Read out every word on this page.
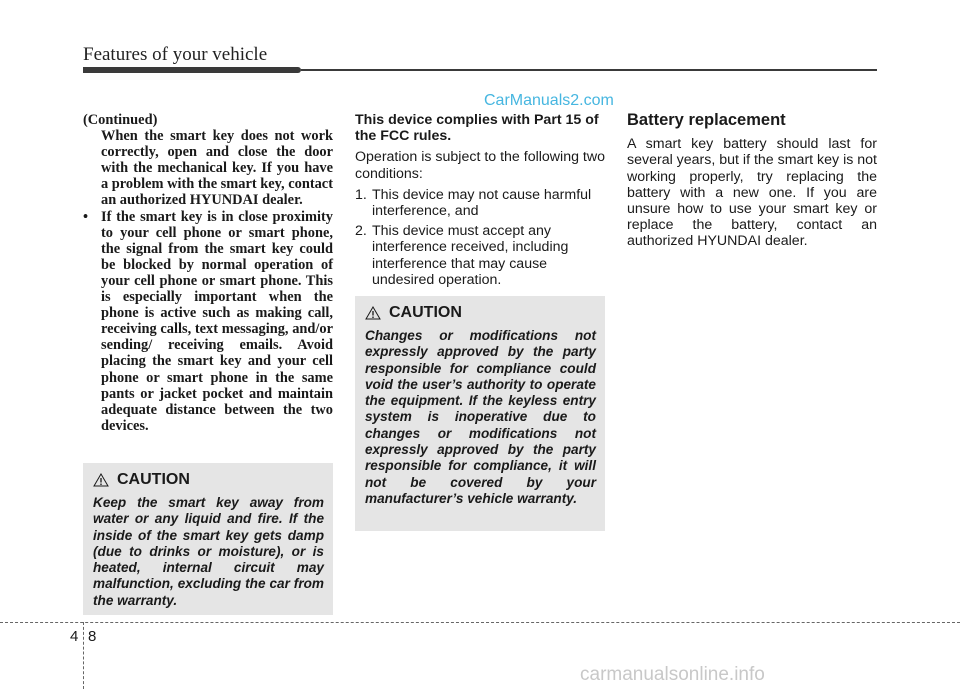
Features of your vehicle
CarManuals2.com

(Continued)

When the smart key does not work correctly, open and close the door with the mechanical key. If you have a problem with the smart key, contact an authorized HYUNDAI dealer.

• If the smart key is in close proximity to your cell phone or smart phone, the signal from the smart key could be blocked by normal operation of your cell phone or smart phone. This is especially important when the phone is active such as making call, receiving calls, text messaging, and/or sending/ receiving emails. Avoid placing the smart key and your cell phone or smart phone in the same pants or jacket pocket and maintain adequate distance between the two devices.

CAUTION

Keep the smart key away from water or any liquid and fire. If the inside of the smart key gets damp (due to drinks or moisture), or is heated, internal circuit may malfunction, excluding the car from the warranty.

This device complies with Part 15 of the FCC rules.

Operation is subject to the following two conditions:

1. This device may not cause harmful interference, and

2. This device must accept any interference received, including interference that may cause undesired operation.

CAUTION

Changes or modifications not expressly approved by the party responsible for compliance could void the user’s authority to operate the equipment. If the keyless entry system is inoperative due to changes or modifications not expressly approved by the party responsible for compliance, it will not be covered by your manufacturer’s vehicle warranty.

Battery replacement

A smart key battery should last for several years, but if the smart key is not working properly, try replacing the battery with a new one. If you are unsure how to use your smart key or replace the battery, contact an authorized HYUNDAI dealer.

4 8
carmanualsonline.info
